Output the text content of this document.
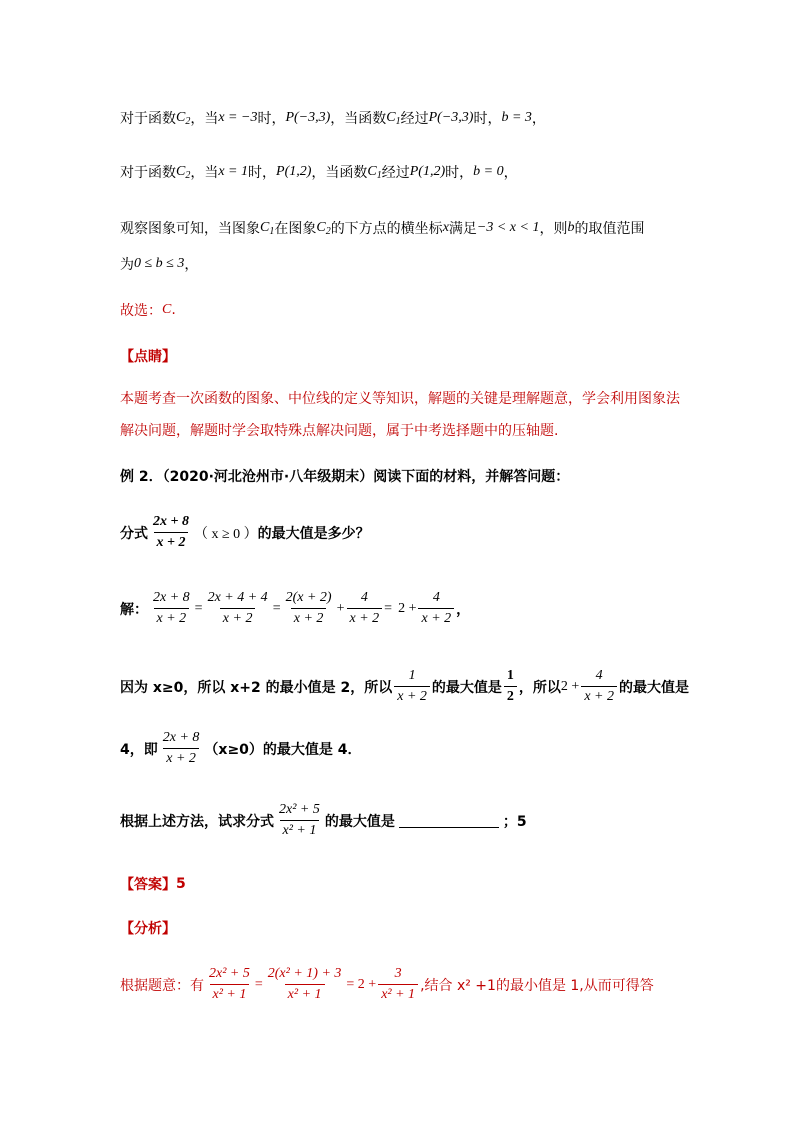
对于函数 $C_2$ ，当 x = −3 时， P(−3,3) ，当函数 $C_1$ 经过 P(−3,3) 时， b = 3 ，
对于函数 $C_2$ ，当 x = 1 时， P(1,2) ，当函数 $C_1$ 经过 P(1,2) 时， b = 0 ，
观察图象可知，当图象 $C_1$ 在图象 $C_2$ 的下方点的横坐标 x 满足 −3 < x < 1 ，则 b 的取值范围
为 0 ≤ b ≤ 3 ，
故选： C .
【点睛】
本题考查一次函数的图象、中位线的定义等知识，解题的关键是理解题意，学会利用图象法
解决问题，解题时学会取特殊点解决问题，属于中考选择题中的压轴题.
例 2．（2020·河北沧州市·八年级期末）阅读下面的材料，并解答问题：
分式 $\frac{2x + 8}{x + 2}$ （ x ≥ 0 ） 的最大值是多少？
解： $\frac{2x + 8}{x + 2} = \frac{2x + 4 + 4}{x + 2} = \frac{2(x + 2)}{x + 2} + \frac{4}{x + 2} = 2 + \frac{4}{x + 2}$ ，
因为 x≥0，所以 x+2 的最小值是 2，所以 $\frac{1}{x + 2}$ 的最大值是 $\frac{1}{2}$ ，所以 $2 + \frac{4}{x + 2}$ 的最大值是
4，即 $\frac{2x + 8}{x + 2} (x\ge 0)$的最大值是 4．
根据上述方法，试求分式 $\frac{\text{2x² + 5}}{\text{x² + 1}}$ 的最大值是	；5
【答案】 5
【分析】
根据题意：有 $\frac{\text{2x² + 5}}{\text{x² + 1}} = \frac{\text{2(x² + 1) + 3}}{\text{x² + 1}} = 2 + \frac{3}{\text{x² + 1}}$ ,结合 x² +1的最小值是 1,从而可得答
